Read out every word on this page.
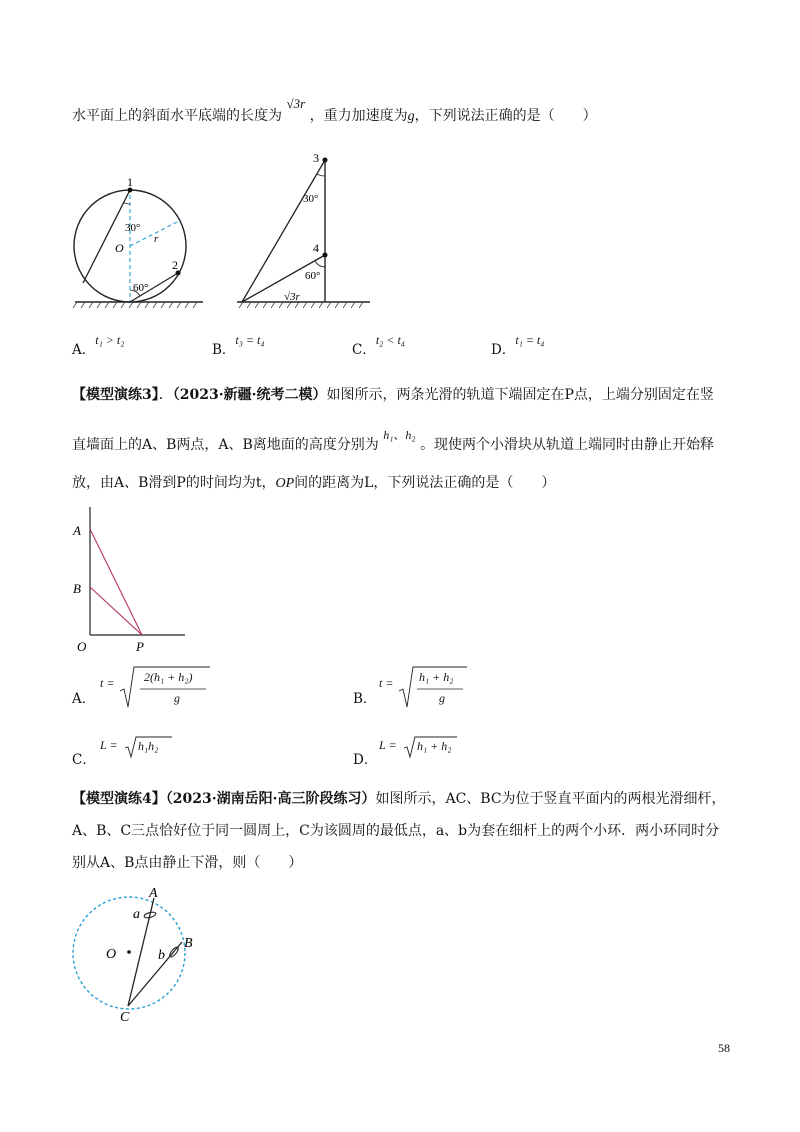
水平面上的斜面水平底端的长度为 √3r ，重力加速度为g，下列说法正确的是（　　）
1
2
O
r
30°
60°
3
4
30°
60°
√3r
A．t₁ > t₂
B．t₃ = t₄
C．t₂ < t₄
D．t₁ = t₄
【模型演练3】．（2023·新疆·统考二模）如图所示，两条光滑的轨道下端固定在P点，上端分别固定在竖
直墙面上的A、B两点，A、B离地面的高度分别为 h₁、h₂ 。现使两个小滑块从轨道上端同时由静止开始释
放，由A、B滑到P的时间均为t，OP间的距离为L，下列说法正确的是（　　）
A
B
O	P
A．
t = 2(h₁ + h₂)
g	B．
t = h₁ + h₂
g
C．
L = h₁h₂
D．
L = h₁ + h₂
【模型演练4】（2023·湖南岳阳·高三阶段练习）如图所示，AC、BC为位于竖直平面内的两根光滑细杆，
A、B、C三点恰好位于同一圆周上，C为该圆周的最低点，a、b为套在细杆上的两个小环．两小环同时分
别从A、B点由静止下滑，则（　　）
A
B
C
O
a
b
58
